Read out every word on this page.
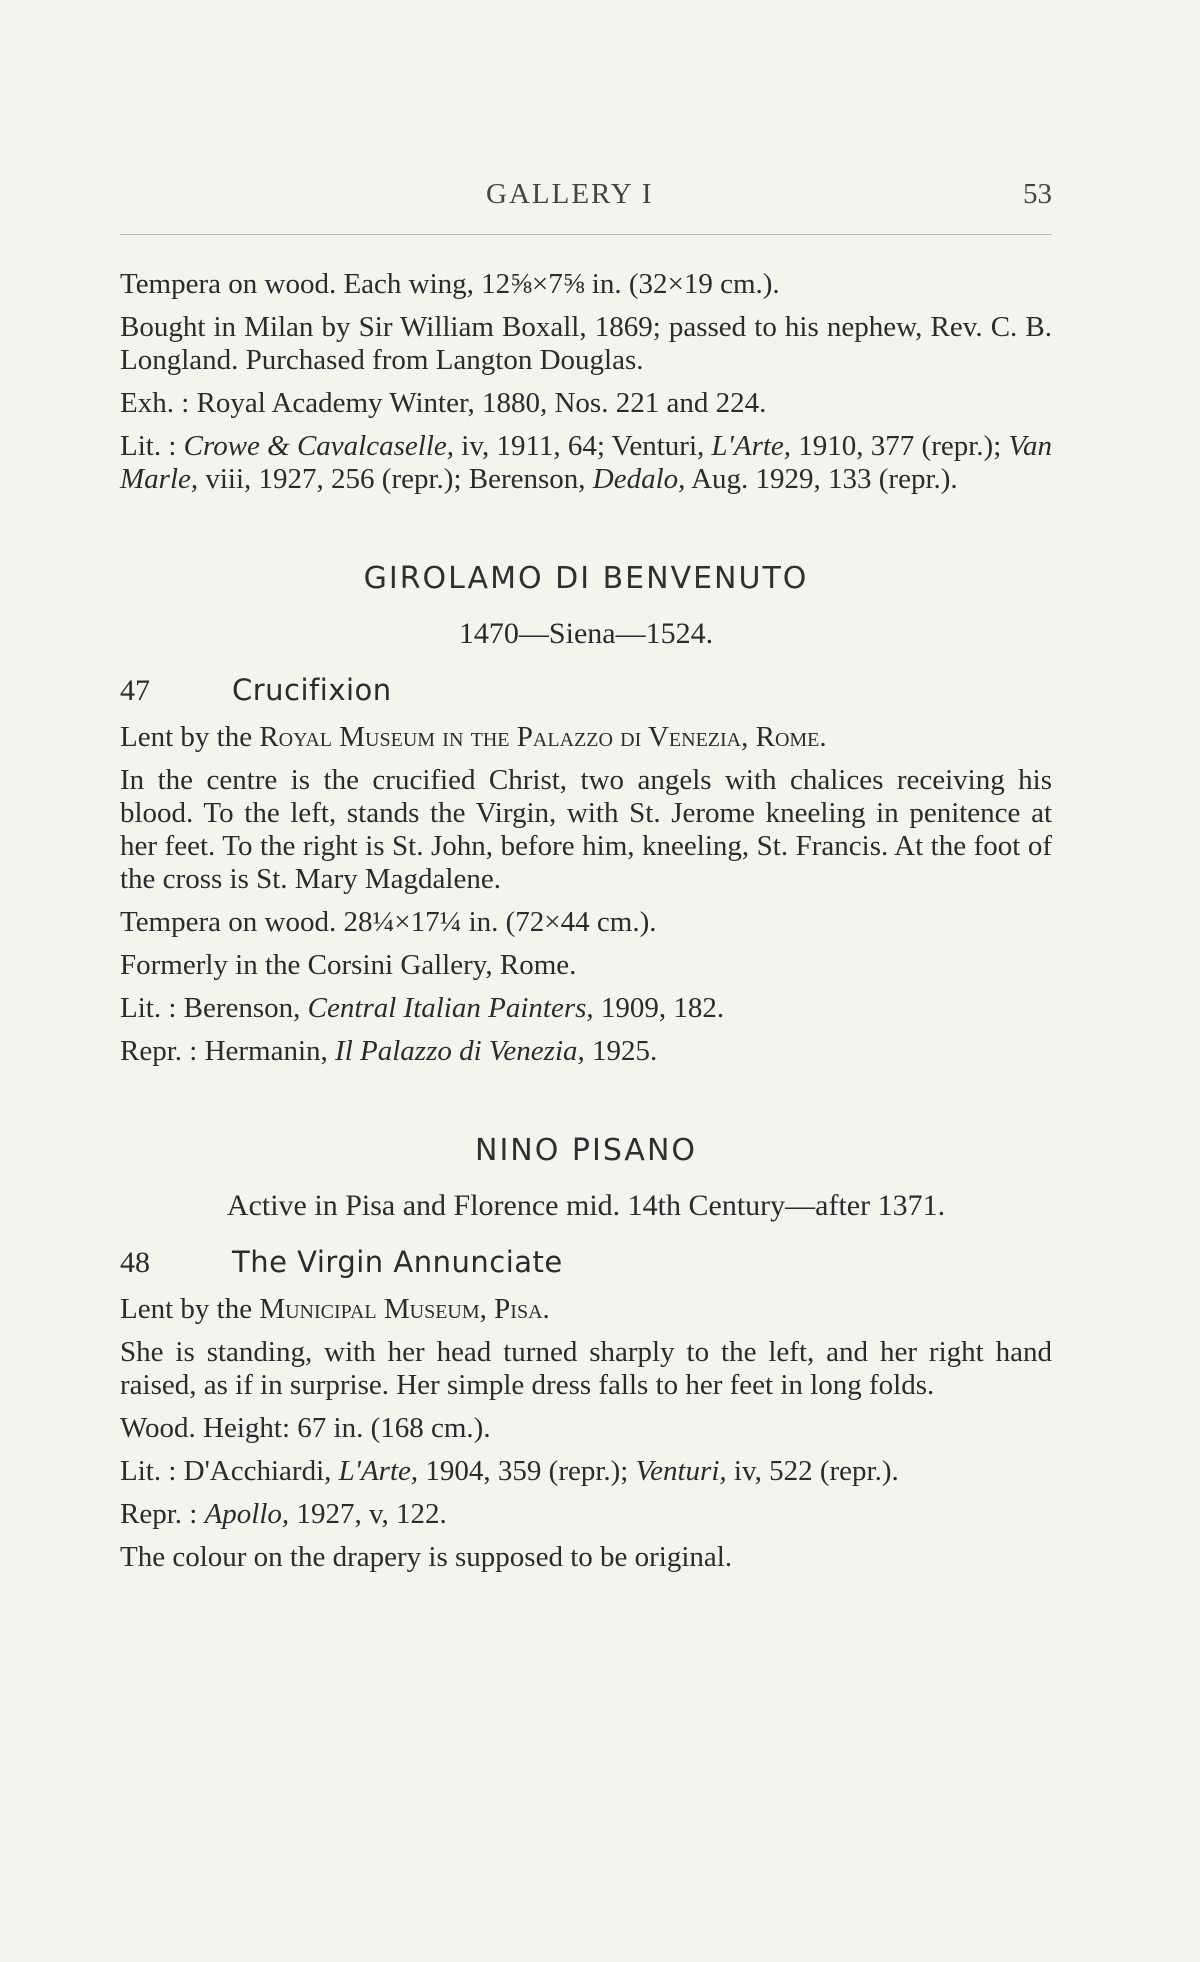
GALLERY I	53

Tempera on wood. Each wing, 12⅝×7⅝ in. (32×19 cm.).

Bought in Milan by Sir William Boxall, 1869; passed to his nephew, Rev. C. B. Longland. Purchased from Langton Douglas.

Exh. : Royal Academy Winter, 1880, Nos. 221 and 224.

Lit. : Crowe & Cavalcaselle, iv, 1911, 64; Venturi, L'Arte, 1910, 377 (repr.); Van Marle, viii, 1927, 256 (repr.); Berenson, Dedalo, Aug. 1929, 133 (repr.).

GIROLAMO DI BENVENUTO
1470—Siena—1524.
47	Crucifixion

Lent by the Royal Museum in the Palazzo di Venezia, Rome.

In the centre is the crucified Christ, two angels with chalices receiving his blood. To the left, stands the Virgin, with St. Jerome kneeling in penitence at her feet. To the right is St. John, before him, kneeling, St. Francis. At the foot of the cross is St. Mary Magdalene.

Tempera on wood. 28¼×17¼ in. (72×44 cm.).

Formerly in the Corsini Gallery, Rome.

Lit. : Berenson, Central Italian Painters, 1909, 182.

Repr. : Hermanin, Il Palazzo di Venezia, 1925.

NINO PISANO
Active in Pisa and Florence mid. 14th Century—after 1371.
48	The Virgin Annunciate

Lent by the Municipal Museum, Pisa.

She is standing, with her head turned sharply to the left, and her right hand raised, as if in surprise. Her simple dress falls to her feet in long folds.

Wood. Height: 67 in. (168 cm.).

Lit. : D'Acchiardi, L'Arte, 1904, 359 (repr.); Venturi, iv, 522 (repr.).

Repr. : Apollo, 1927, v, 122.

The colour on the drapery is supposed to be original.
